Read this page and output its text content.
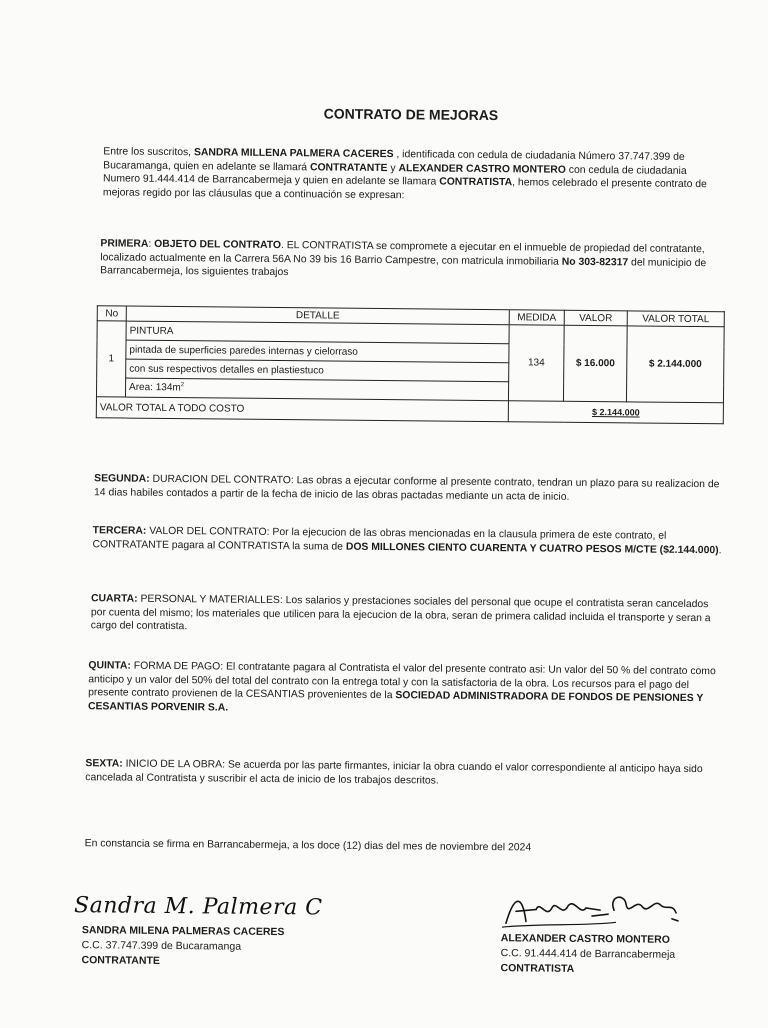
CONTRATO DE MEJORAS
Entre los suscritos, SANDRA MILLENA PALMERA CACERES , identificada con cedula de ciudadania Número 37.747.399 de Bucaramanga, quien en adelante se llamará CONTRATANTE y ALEXANDER CASTRO MONTERO con cedula de ciudadania Numero 91.444.414 de Barrancabermeja y quien en adelante se llamara CONTRATISTA, hemos celebrado el presente contrato de mejoras regido por las cláusulas que a continuación se expresan:
PRIMERA: OBJETO DEL CONTRATO. EL CONTRATISTA se compromete a ejecutar en el inmueble de propiedad del contratante, localizado actualmente en la Carrera 56A No 39 bis 16 Barrio Campestre, con matricula inmobiliaria No 303-82317 del municipio de Barrancabermeja, los siguientes trabajos
No	DETALLE	MEDIDA	VALOR	VALOR TOTAL
1	PINTURA	134	$ 16.000	$ 2.144.000
	pintada de superficies paredes internas y cielorraso			
	con sus respectivos detalles en plastiestuco			
	Area: $134m^2$
VALOR TOTAL A TODO COSTO		$ 2.144.000		
SEGUNDA: DURACION DEL CONTRATO: Las obras a ejecutar conforme al presente contrato, tendran un plazo para su realizacion de 14 dias habiles contados a partir de la fecha de inicio de las obras pactadas mediante un acta de inicio.
TERCERA: VALOR DEL CONTRATO: Por la ejecucion de las obras mencionadas en la clausula primera de este contrato, el CONTRATANTE pagara al CONTRATISTA la suma de DOS MILLONES CIENTO CUARENTA Y CUATRO PESOS M/CTE ($2.144.000).
CUARTA: PERSONAL Y MATERIALLES: Los salarios y prestaciones sociales del personal que ocupe el contratista seran cancelados por cuenta del mismo; los materiales que utilicen para la ejecucion de la obra, seran de primera calidad incluida el transporte y seran a cargo del contratista.
QUINTA: FORMA DE PAGO: El contratante pagara al Contratista el valor del presente contrato asi: Un valor del 50 % del contrato como anticipo y un valor del 50% del total del contrato con la entrega total y con la satisfactoria de la obra. Los recursos para el pago del presente contrato provienen de la CESANTIAS provenientes de la SOCIEDAD ADMINISTRADORA DE FONDOS DE PENSIONES Y CESANTIAS PORVENIR S.A.
SEXTA: INICIO DE LA OBRA: Se acuerda por las parte firmantes, iniciar la obra cuando el valor correspondiente al anticipo haya sido cancelada al Contratista y suscribir el acta de inicio de los trabajos descritos.
En constancia se firma en Barrancabermeja, a los doce (12) dias del mes de noviembre del 2024
Sandra M. Palmera C
SANDRA MILENA PALMERAS CACERES
C.C. 37.747.399 de Bucaramanga
CONTRATANTE
ALEXANDER CASTRO MONTERO
C.C. 91.444.414 de Barrancabermeja
CONTRATISTA
